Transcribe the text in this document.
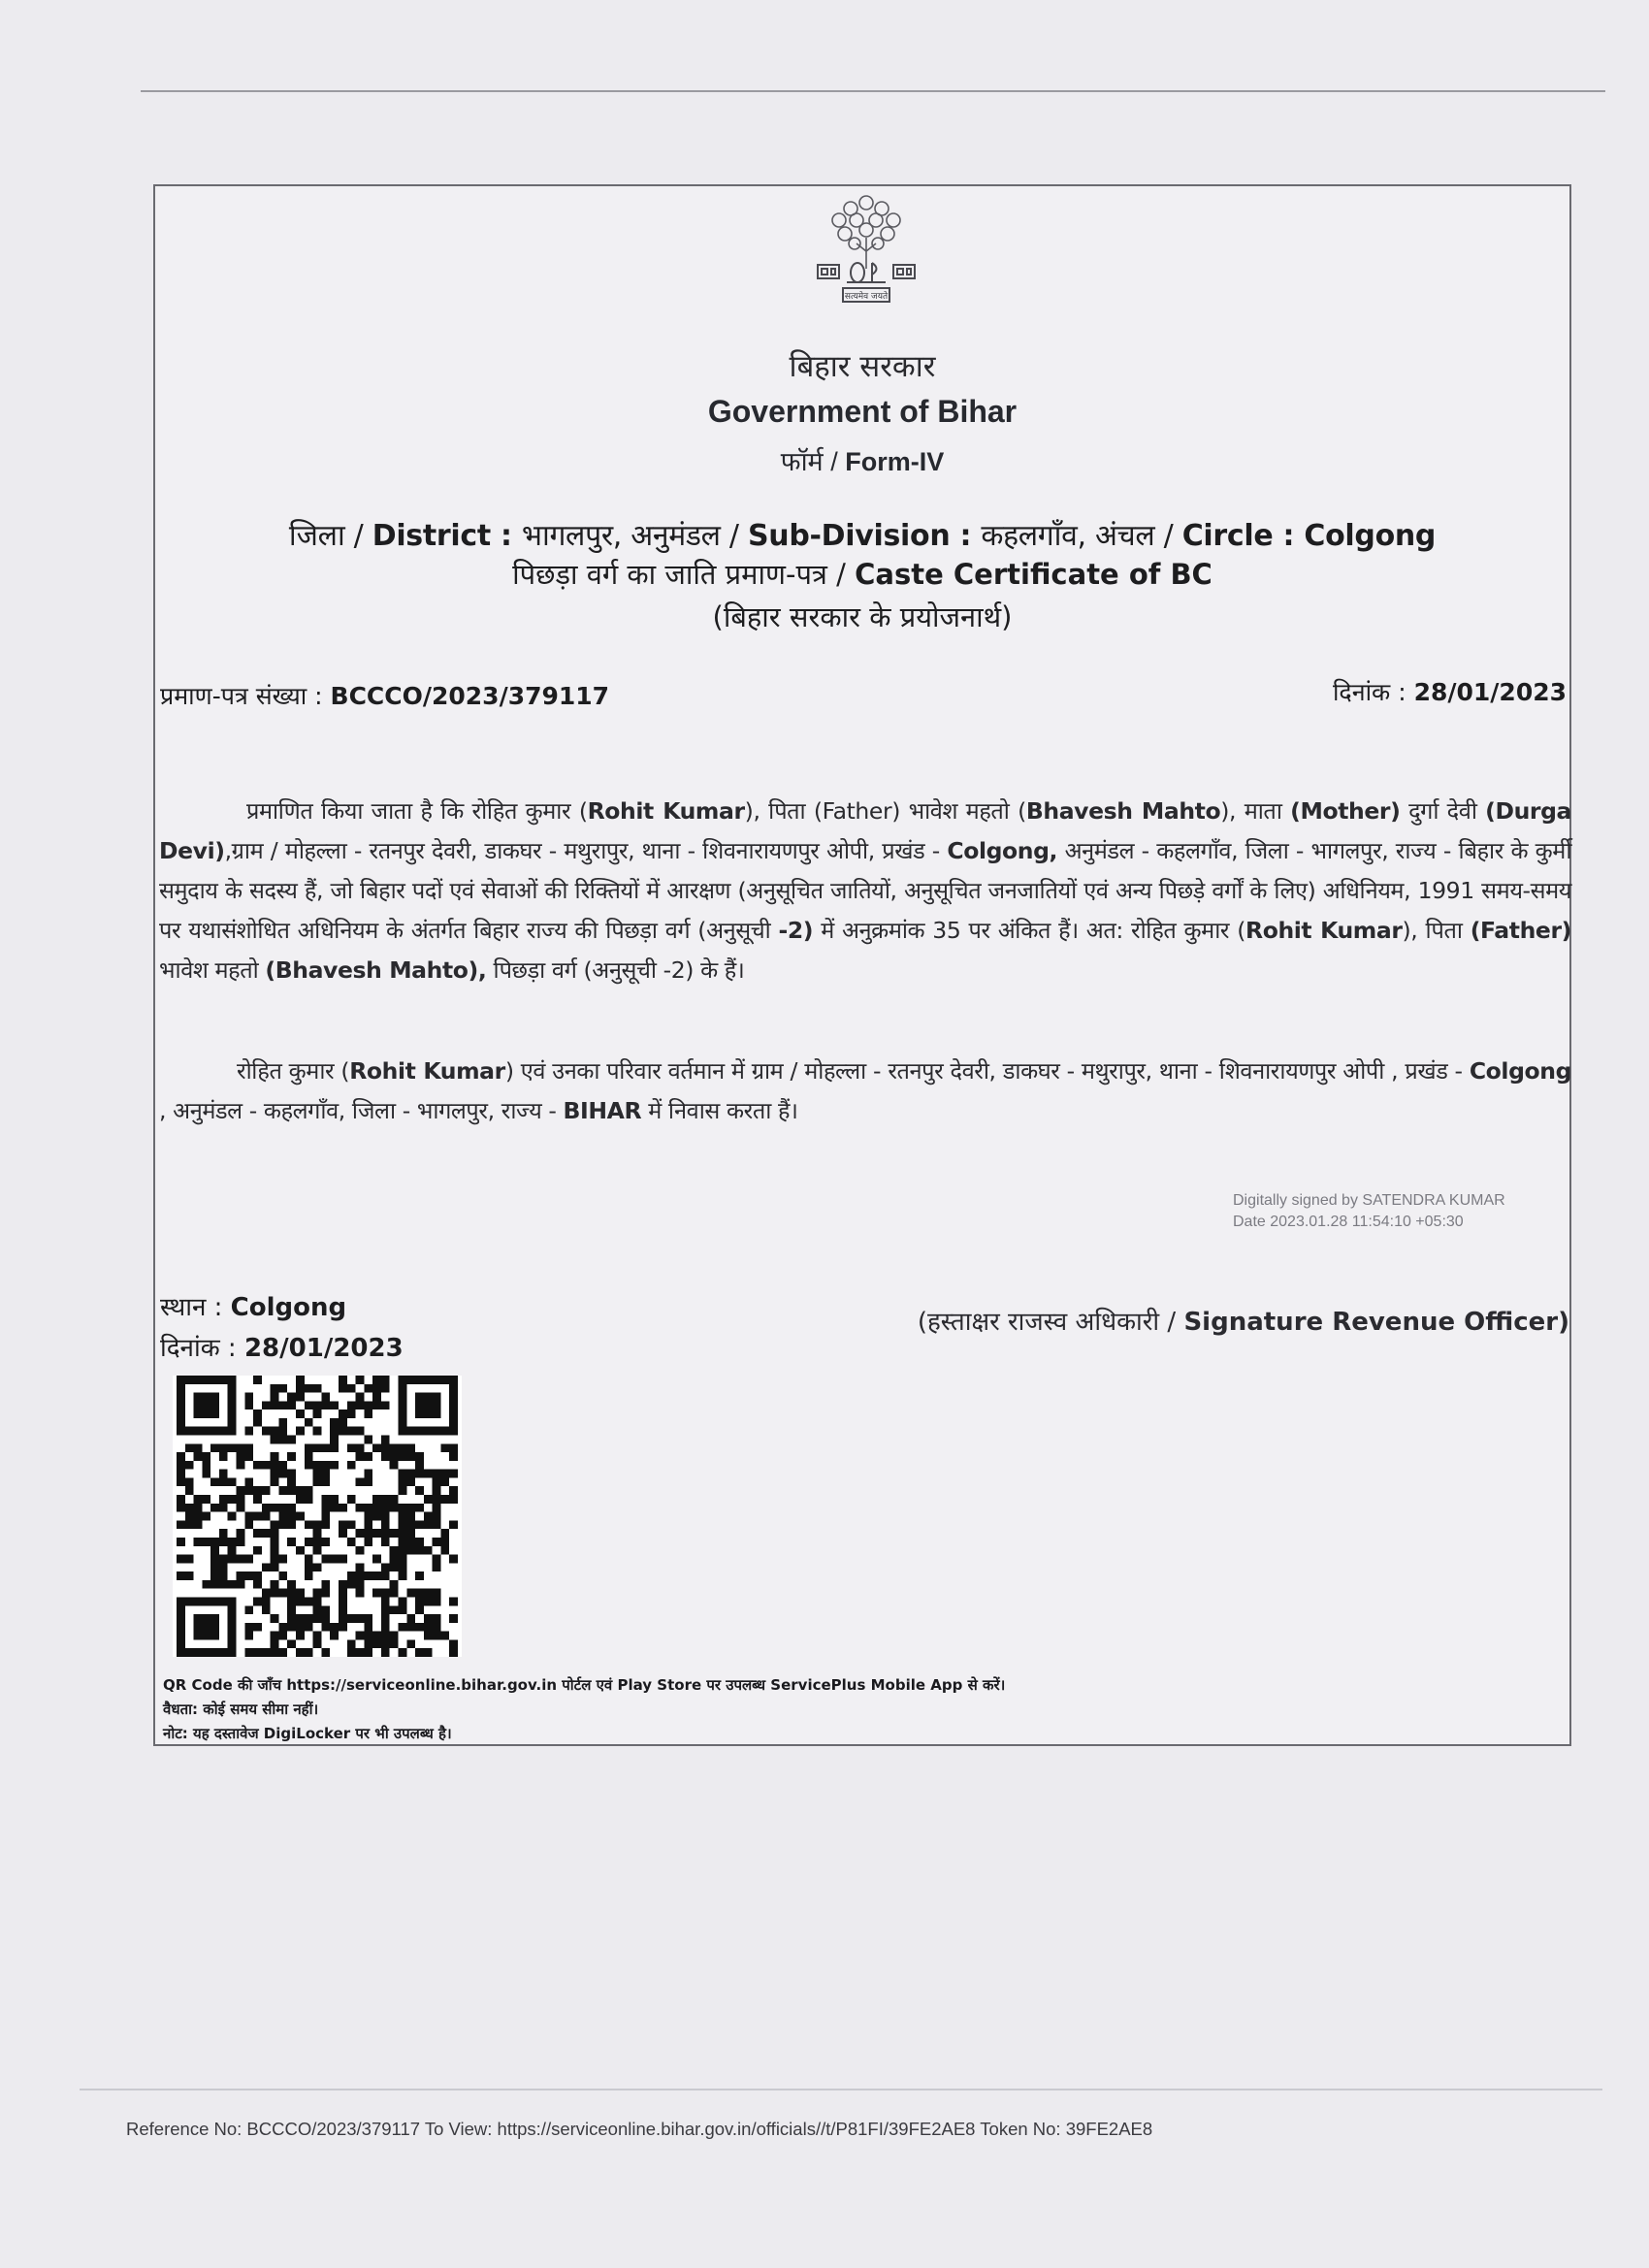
सत्यमेव जयते
बिहार सरकार
Government of Bihar
फॉर्म / Form-IV
जिला / District : भागलपुर, अनुमंडल / Sub-Division : कहलगाँव, अंचल / Circle : Colgong
पिछड़ा वर्ग का जाति प्रमाण-पत्र / Caste Certificate of BC
(बिहार सरकार के प्रयोजनार्थ)
प्रमाण-पत्र संख्या : BCCCO/2023/379117	दिनांक : 28/01/2023
प्रमाणित किया जाता है कि रोहित कुमार (Rohit Kumar), पिता (Father) भावेश महतो (Bhavesh Mahto), माता (Mother) दुर्गा देवी (Durga Devi),ग्राम / मोहल्ला - रतनपुर देवरी, डाकघर - मथुरापुर, थाना - शिवनारायणपुर ओपी, प्रखंड - Colgong, अनुमंडल - कहलगाँव, जिला - भागलपुर, राज्य - बिहार के कुर्मी समुदाय के सदस्य हैं, जो बिहार पदों एवं सेवाओं की रिक्तियों में आरक्षण (अनुसूचित जातियों, अनुसूचित जनजातियों एवं अन्य पिछड़े वर्गों के लिए) अधिनियम, 1991 समय-समय पर यथासंशोधित अधिनियम के अंतर्गत बिहार राज्य की पिछड़ा वर्ग (अनुसूची -2) में अनुक्रमांक 35 पर अंकित हैं। अत: रोहित कुमार (Rohit Kumar), पिता (Father) भावेश महतो (Bhavesh Mahto), पिछड़ा वर्ग (अनुसूची -2) के हैं।
रोहित कुमार (Rohit Kumar) एवं उनका परिवार वर्तमान में ग्राम / मोहल्ला - रतनपुर देवरी, डाकघर - मथुरापुर, थाना - शिवनारायणपुर ओपी , प्रखंड - Colgong , अनुमंडल - कहलगाँव, जिला - भागलपुर, राज्य - BIHAR में निवास करता हैं।
Digitally signed by SATENDRA KUMAR
Date 2023.01.28 11:54:10 +05:30
स्थान : Colgong
दिनांक : 28/01/2023
(हस्ताक्षर राजस्व अधिकारी / Signature Revenue Officer)
QR Code की जाँच https://serviceonline.bihar.gov.in पोर्टल एवं Play Store पर उपलब्ध ServicePlus Mobile App से करें।
वैधता: कोई समय सीमा नहीं।
नोट: यह दस्तावेज DigiLocker पर भी उपलब्ध है।
Reference No: BCCCO/2023/379117 To View: https://serviceonline.bihar.gov.in/officials//t/P81FI/39FE2AE8 Token No: 39FE2AE8
